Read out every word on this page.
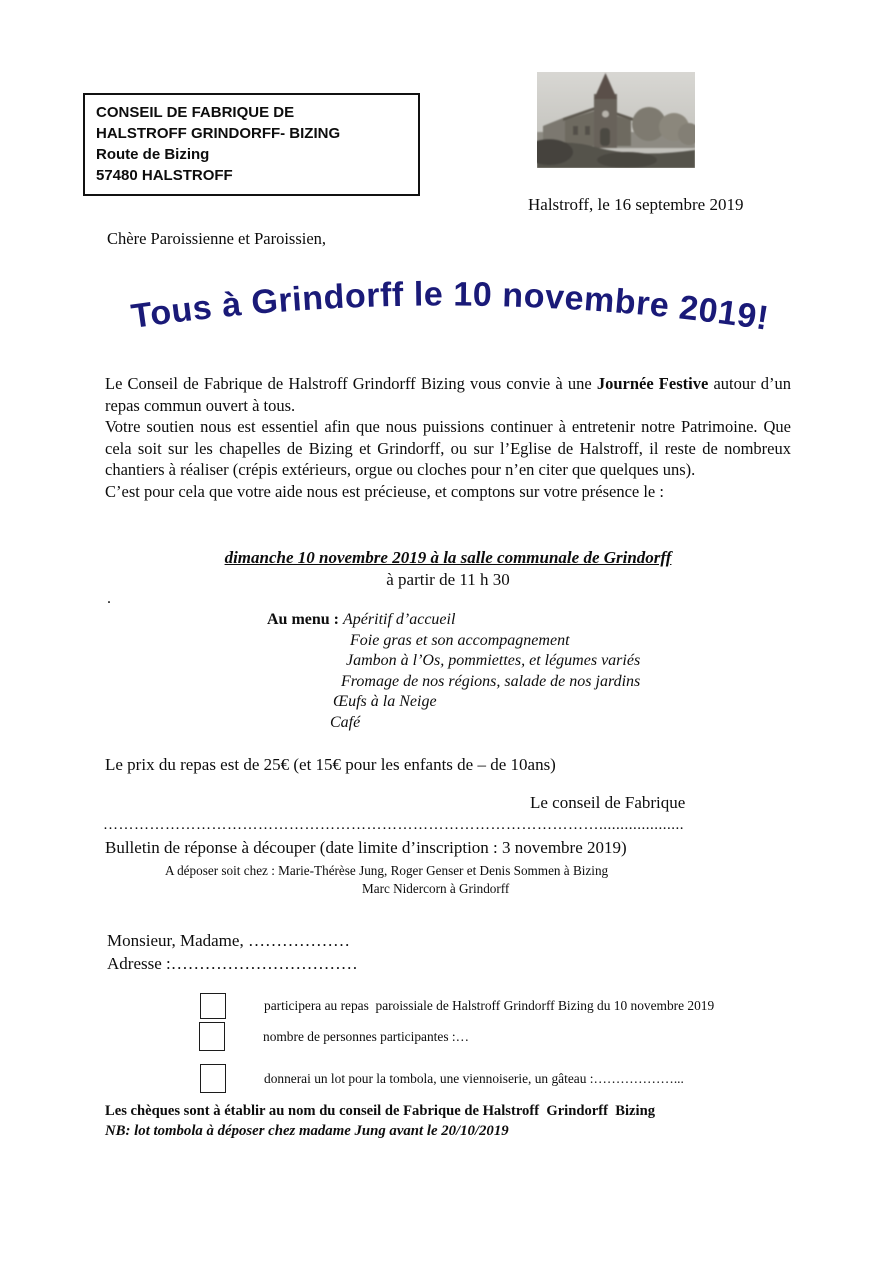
CONSEIL DE FABRIQUE DE
HALSTROFF GRINDORFF- BIZING
Route de Bizing
57480 HALSTROFF
Halstroff, le 16 septembre 2019
Chère Paroissienne et Paroissien,
Tous à Grindorff le 10 novembre 2019!

Le Conseil de Fabrique de Halstroff Grindorff Bizing vous convie à une Journée Festive autour d’un repas commun ouvert à tous.

Votre soutien nous est essentiel afin que nous puissions continuer à entretenir notre Patrimoine. Que cela soit sur les chapelles de Bizing et Grindorff, ou sur l’Eglise de Halstroff, il reste de nombreux chantiers à réaliser (crépis extérieurs, orgue ou cloches pour n’en citer que quelques uns).

C’est pour cela que votre aide nous est précieuse, et comptons sur votre présence le :

dimanche 10 novembre 2019 à la salle communale de Grindorff
à partir de 11 h 30
.
Au menu : Apéritif d’accueil
Foie gras et son accompagnement
Jambon à l’Os, pommiettes, et légumes variés
Fromage de nos régions, salade de nos jardins
Œufs à la Neige
Café
Le prix du repas est de 25€ (et 15€ pour les enfants de – de 10ans)
Le conseil de Fabrique
……………………………………………………………………………………....................
Bulletin de réponse à découper (date limite d’inscription : 3 novembre 2019)
A déposer soit chez : Marie-Thérèse Jung, Roger Genser et Denis Sommen à Bizing
Marc Nidercorn à Grindorff
Monsieur, Madame, ………………
Adresse :……………………………
participera au repas  paroissiale de Halstroff Grindorff Bizing du 10 novembre 2019
nombre de personnes participantes :…
donnerai un lot pour la tombola, une viennoiserie, un gâteau :………………...
Les chèques sont à établir au nom du conseil de Fabrique de Halstroff  Grindorff  Bizing
NB: lot tombola à déposer chez madame Jung avant le 20/10/2019
